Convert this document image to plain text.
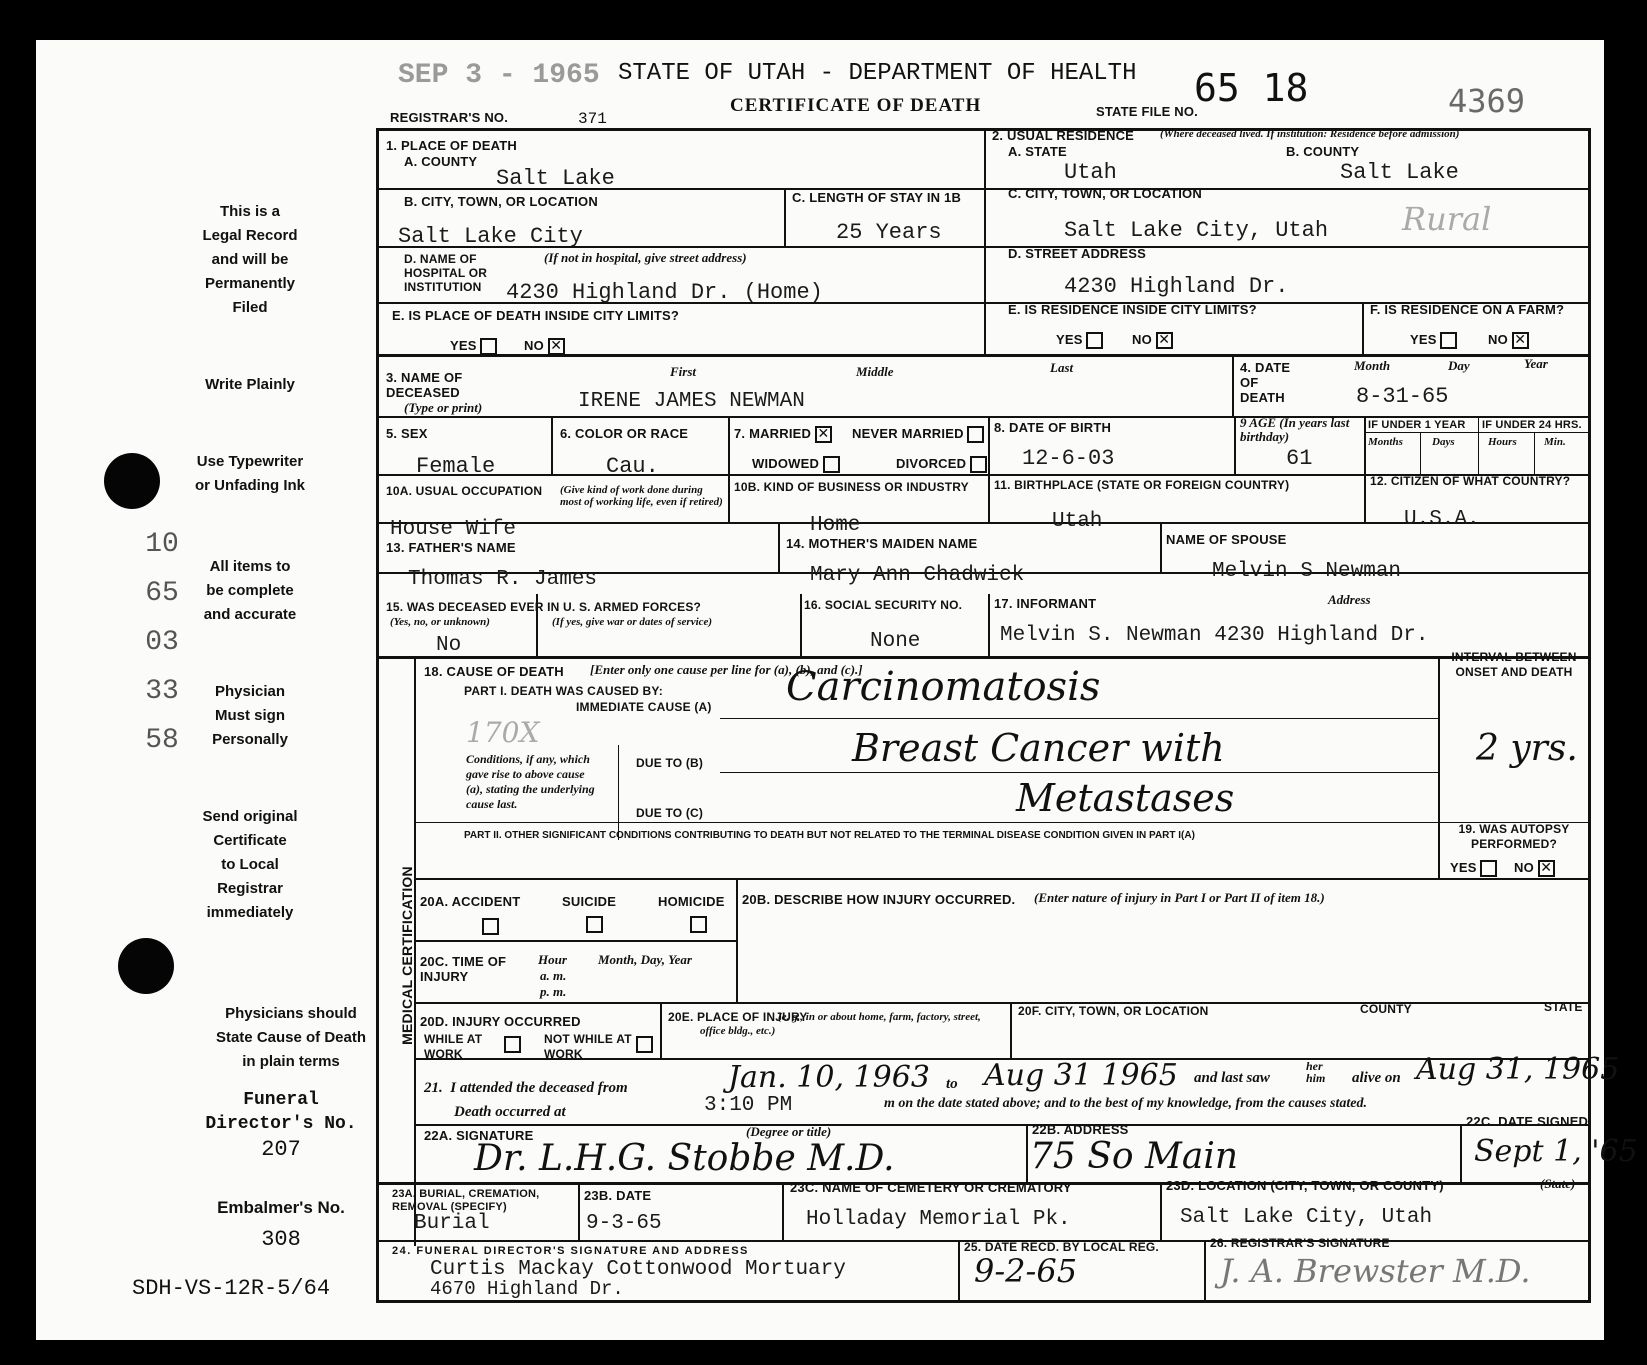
SEP 3 - 1965 STATE OF UTAH - DEPARTMENT OF HEALTH
CERTIFICATE OF DEATH
REGISTRAR'S NO.	371	STATE FILE NO.
65 18	4369
This is a
Legal Record
and will be
Permanently
Filed
Write Plainly
Use Typewriter
or Unfading Ink
All items to
be complete
and accurate
Physician
Must sign
Personally
Send original
Certificate
to Local
Registrar
immediately
Physicians should
State Cause of Death
in plain terms
Funeral
Director's No.
207
Embalmer's No.
308
SDH-VS-12R-5/64
1065033358
1. PLACE OF DEATH
A. COUNTY
Salt Lake
B. CITY, TOWN, OR LOCATION
Salt Lake City
C. LENGTH OF STAY IN 1B
25 Years
D. NAME OF HOSPITAL OR INSTITUTION
(If not in hospital, give street address)
4230 Highland Dr. (Home)
E. IS PLACE OF DEATH INSIDE CITY LIMITS?
YES	NO ✕
2. USUAL RESIDENCE (Where deceased lived. If institution: Residence before admission)
A. STATE
Utah
B. COUNTY
Salt Lake
C. CITY, TOWN, OR LOCATION
Salt Lake City, Utah Rural
D. STREET ADDRESS
4230 Highland Dr.
E. IS RESIDENCE INSIDE CITY LIMITS?
YES	NO ✕
F. IS RESIDENCE ON A FARM?
YES	NO ✕
3. NAME OF DECEASED
(Type or print)
First	Middle	Last
IRENE JAMES NEWMAN
4. DATE OF DEATH
Month	Day	Year
8-31-65
5. SEX
Female
6. COLOR OR RACE
Cau.
7. MARRIED ✕ NEVER MARRIED
WIDOWED	DIVORCED
8. DATE OF BIRTH
12-6-03
9 AGE (In years last birthday)
61
IF UNDER 1 YEAR IF UNDER 24 HRS.
Months	Days	Hours Min.
10A. USUAL OCCUPATION (Give kind of work done during most of working life, even if retired)
House Wife
10B. KIND OF BUSINESS OR INDUSTRY
Home
11. BIRTHPLACE (STATE OR FOREIGN COUNTRY)
Utah
12. CITIZEN OF WHAT COUNTRY?
U.S.A.
13. FATHER'S NAME
Thomas R. James
14. MOTHER'S MAIDEN NAME
Mary Ann Chadwick
NAME OF SPOUSE
Melvin S Newman
15. WAS DECEASED EVER IN U. S. ARMED FORCES?
(Yes, no, or unknown)	(If yes, give war or dates of service)
No
16. SOCIAL SECURITY NO.
None
17. INFORMANT	Address
Melvin S. Newman 4230 Highland Dr.
MEDICAL CERTIFICATION
18. CAUSE OF DEATH [Enter only one cause per line for (a), (b), and (c).]
PART I. DEATH WAS CAUSED BY:
IMMEDIATE CAUSE (A) Carcinomatosis
170X
Conditions, if any, which gave rise to above cause (a), stating the underlying cause last.
DUE TO (B)	Breast Cancer with
DUE TO (C)	Metastases
INTERVAL BETWEEN ONSET AND DEATH
2 yrs.
PART II. OTHER SIGNIFICANT CONDITIONS CONTRIBUTING TO DEATH BUT NOT RELATED TO THE TERMINAL DISEASE CONDITION GIVEN IN PART I(A)	19. WAS AUTOPSY PERFORMED?
YES	NO ✕
20A. ACCIDENT	SUICIDE	HOMICIDE 20B. DESCRIBE HOW INJURY OCCURRED. (Enter nature of injury in Part I or Part II of item 18.)
20C. TIME OF INJURY
Hour
a. m.
p. m.
Month, Day, Year
20D. INJURY OCCURRED
WHILE AT WORK
NOT WHILE AT WORK
20E. PLACE OF INJURY
(e. g., in or about home, farm, factory, street, office bldg., etc.)
20F. CITY, TOWN, OR LOCATION	COUNTY	STATE
21.  I attended the deceased from	Jan. 10, 1963 to Aug 31 1965 and last saw
her him	alive on Aug 31, 1965
Death occurred at	3:10 PM	m on the date stated above; and to the best of my knowledge, from the causes stated.
22A. SIGNATURE	(Degree or title)
Dr. L.H.G. Stobbe M.D.
22B. ADDRESS
75 So Main
22C. DATE SIGNED
Sept 1, '65
23A. BURIAL, CREMATION, REMOVAL (SPECIFY)
Burial
23B. DATE
9-3-65
23C. NAME OF CEMETERY OR CREMATORY
Holladay Memorial Pk.
23D. LOCATION (CITY, TOWN, OR COUNTY)	(State)
Salt Lake City, Utah
24. FUNERAL DIRECTOR'S SIGNATURE AND ADDRESS
Curtis Mackay Cottonwood Mortuary
4670 Highland Dr.
25. DATE RECD. BY LOCAL REG.
9-2-65
26. REGISTRAR'S SIGNATURE
J. A. Brewster M.D.
